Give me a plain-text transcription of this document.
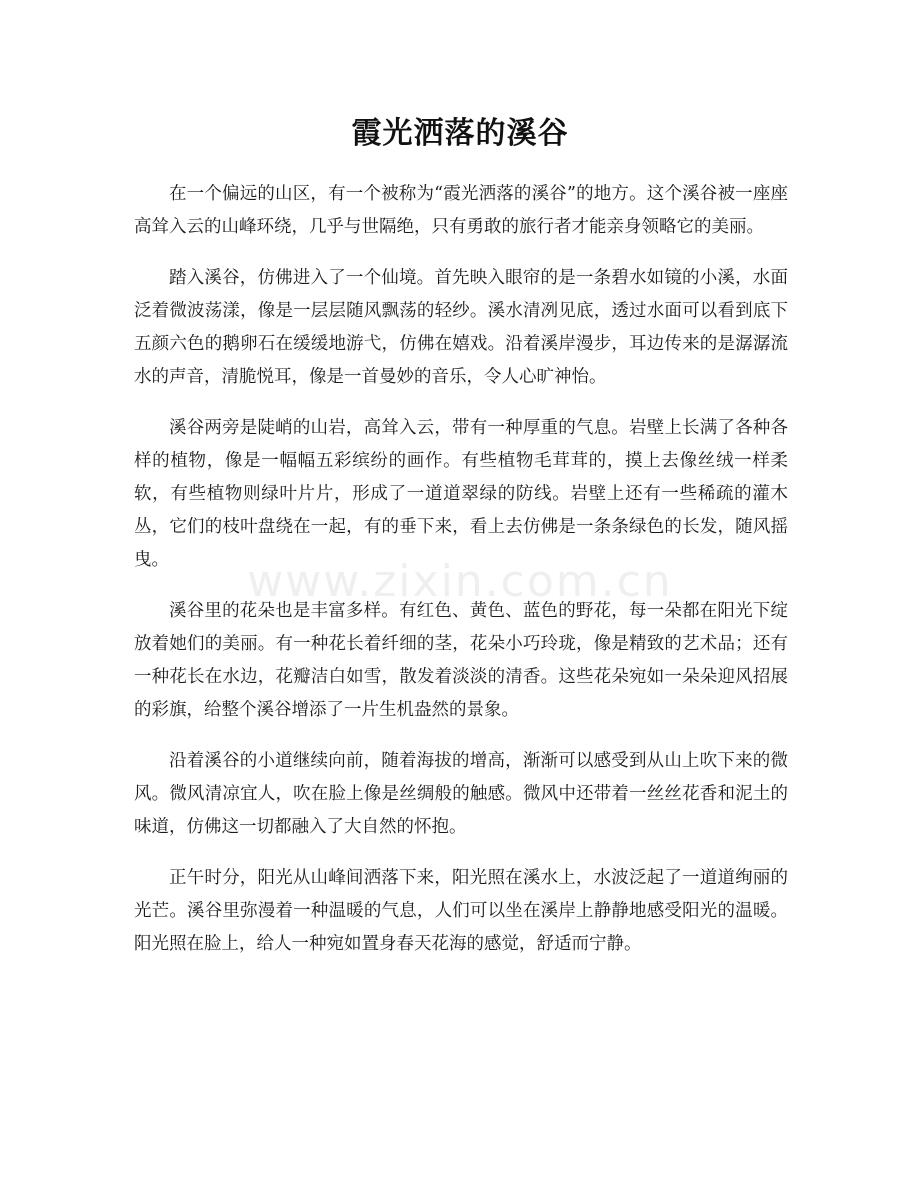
霞光洒落的溪谷

在一个偏远的山区，有一个被称为“霞光洒落的溪谷”的地方。这个溪谷被一座座高耸入云的山峰环绕，几乎与世隔绝，只有勇敢的旅行者才能亲身领略它的美丽。

踏入溪谷，仿佛进入了一个仙境。首先映入眼帘的是一条碧水如镜的小溪，水面泛着微波荡漾，像是一层层随风飘荡的轻纱。溪水清冽见底，透过水面可以看到底下五颜六色的鹅卵石在缓缓地游弋，仿佛在嬉戏。沿着溪岸漫步，耳边传来的是潺潺流水的声音，清脆悦耳，像是一首曼妙的音乐，令人心旷神怡。

溪谷两旁是陡峭的山岩，高耸入云，带有一种厚重的气息。岩壁上长满了各种各样的植物，像是一幅幅五彩缤纷的画作。有些植物毛茸茸的，摸上去像丝绒一样柔软，有些植物则绿叶片片，形成了一道道翠绿的防线。岩壁上还有一些稀疏的灌木丛，它们的枝叶盘绕在一起，有的垂下来，看上去仿佛是一条条绿色的长发，随风摇曳。

溪谷里的花朵也是丰富多样。有红色、黄色、蓝色的野花，每一朵都在阳光下绽放着她们的美丽。有一种花长着纤细的茎，花朵小巧玲珑，像是精致的艺术品；还有一种花长在水边，花瓣洁白如雪，散发着淡淡的清香。这些花朵宛如一朵朵迎风招展的彩旗，给整个溪谷增添了一片生机盎然的景象。

沿着溪谷的小道继续向前，随着海拔的增高，渐渐可以感受到从山上吹下来的微风。微风清凉宜人，吹在脸上像是丝绸般的触感。微风中还带着一丝丝花香和泥土的味道，仿佛这一切都融入了大自然的怀抱。

正午时分，阳光从山峰间洒落下来，阳光照在溪水上，水波泛起了一道道绚丽的光芒。溪谷里弥漫着一种温暖的气息，人们可以坐在溪岸上静静地感受阳光的温暖。阳光照在脸上，给人一种宛如置身春天花海的感觉，舒适而宁静。

www.zixin.com.cn
